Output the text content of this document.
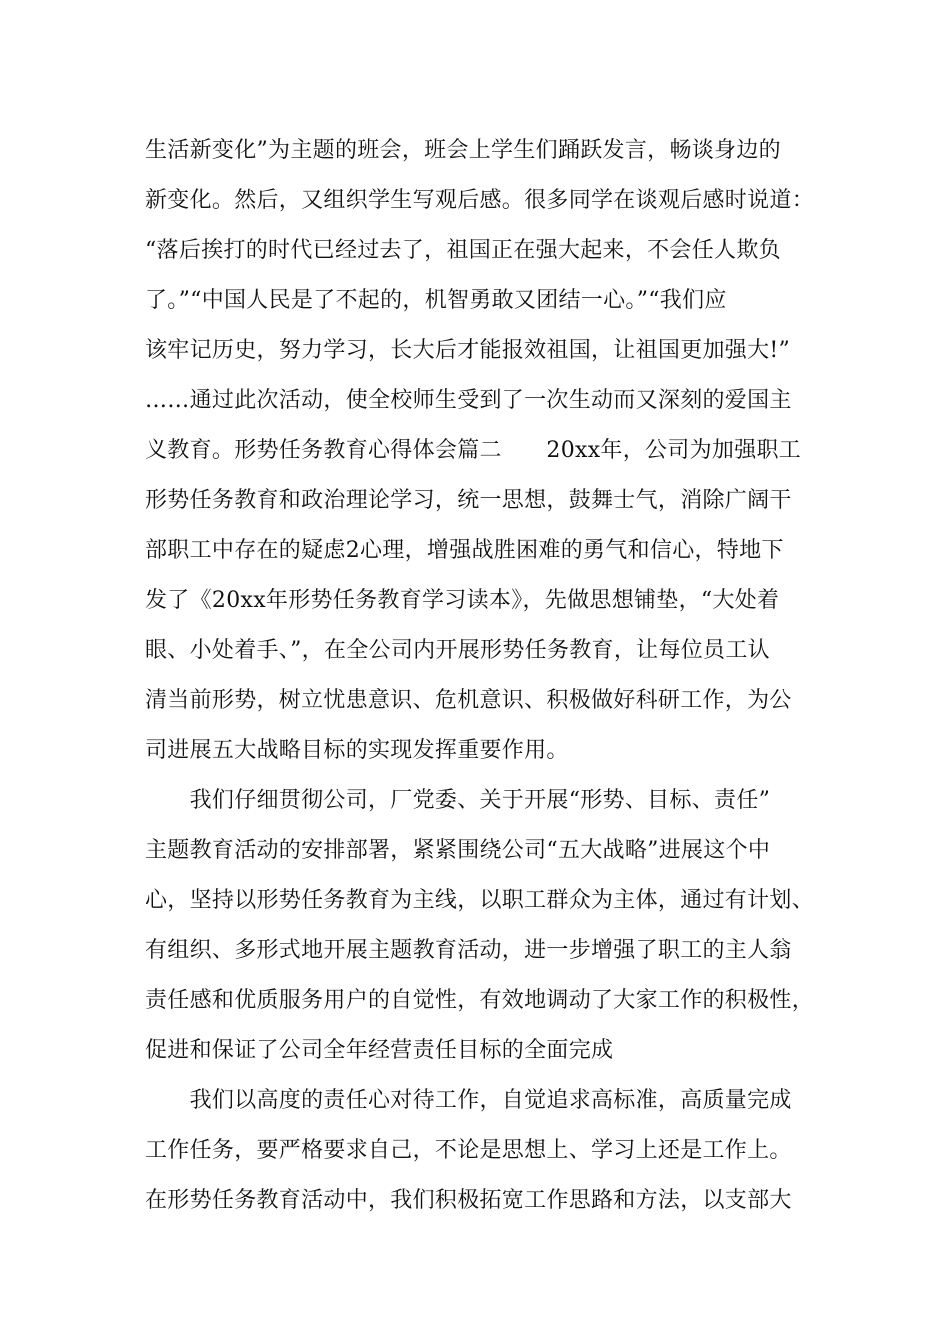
生活新变化”为主题的班会，班会上学生们踊跃发言，畅谈身边的
新变化。然后，又组织学生写观后感。很多同学在谈观后感时说道：
“落后挨打的时代已经过去了，祖国正在强大起来，不会任人欺负
了。”“中国人民是了不起的，机智勇敢又团结一心。”“我们应
该牢记历史，努力学习，长大后才能报效祖国，让祖国更加强大!”
……通过此次活动，使全校师生受到了一次生动而又深刻的爱国主
义教育。形势任务教育心得体会篇二　　20xx年，公司为加强职工
形势任务教育和政治理论学习，统一思想，鼓舞士气，消除广阔干
部职工中存在的疑虑2心理，增强战胜困难的勇气和信心，特地下
发了《20xx年形势任务教育学习读本》，先做思想铺垫，“大处着
眼、小处着手、”，在全公司内开展形势任务教育，让每位员工认
清当前形势，树立忧患意识、危机意识、积极做好科研工作，为公
司进展五大战略目标的实现发挥重要作用。
　　我们仔细贯彻公司，厂党委、关于开展“形势、目标、责任”
主题教育活动的安排部署，紧紧围绕公司“五大战略”进展这个中
心，坚持以形势任务教育为主线，以职工群众为主体，通过有计划、
有组织、多形式地开展主题教育活动，进一步增强了职工的主人翁
责任感和优质服务用户的自觉性，有效地调动了大家工作的积极性，
促进和保证了公司全年经营责任目标的全面完成
　　我们以高度的责任心对待工作，自觉追求高标准，高质量完成
工作任务，要严格要求自己，不论是思想上、学习上还是工作上。
在形势任务教育活动中，我们积极拓宽工作思路和方法，以支部大
